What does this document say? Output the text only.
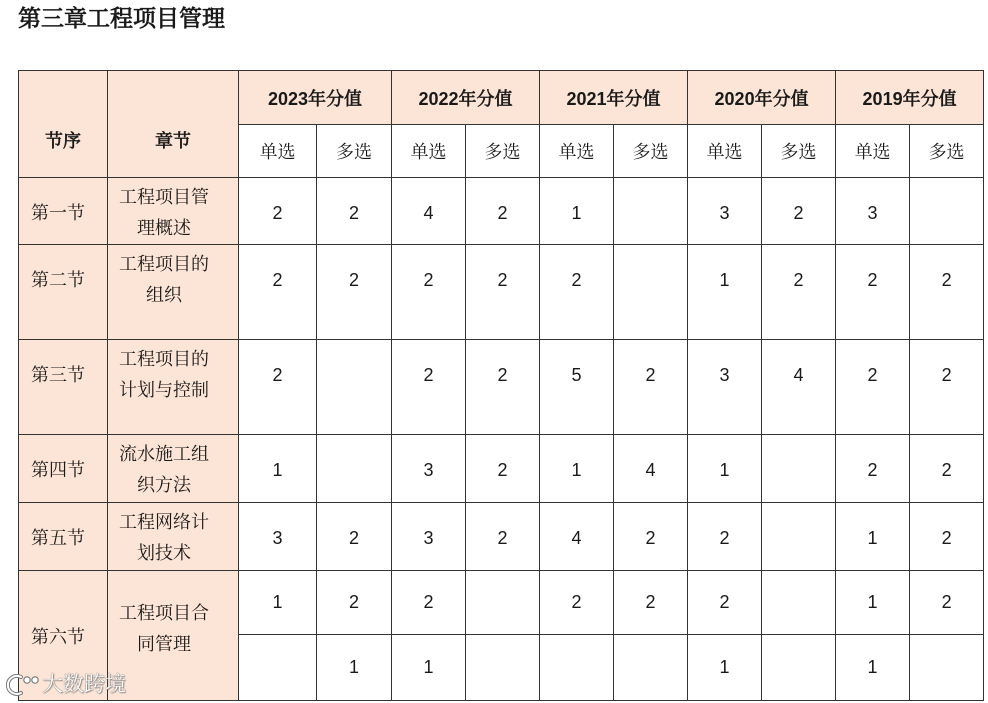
第三章工程项目管理
节序	章节	2023年分值		2022年分值		2021年分值		2020年分值		2019年分值	
		单选	多选	单选	多选	单选	多选	单选	多选	单选	多选
第一节	工程项目管理概述	2	2	4	2	1		3	2	3	
第二节	工程项目的组织	2	2	2	2	2		1	2	2	2
第三节	工程项目的计划与控制	2		2	2	5	2	3	4	2	2
第四节	流水施工组织方法	1		3	2	1	4	1		2	2
第五节	工程网络计划技术	3	2	3	2	4	2	2		1	2
第六节	工程项目合同管理	1	2	2		2	2	2		1	2
			1	1				1		1	
大数跨境
